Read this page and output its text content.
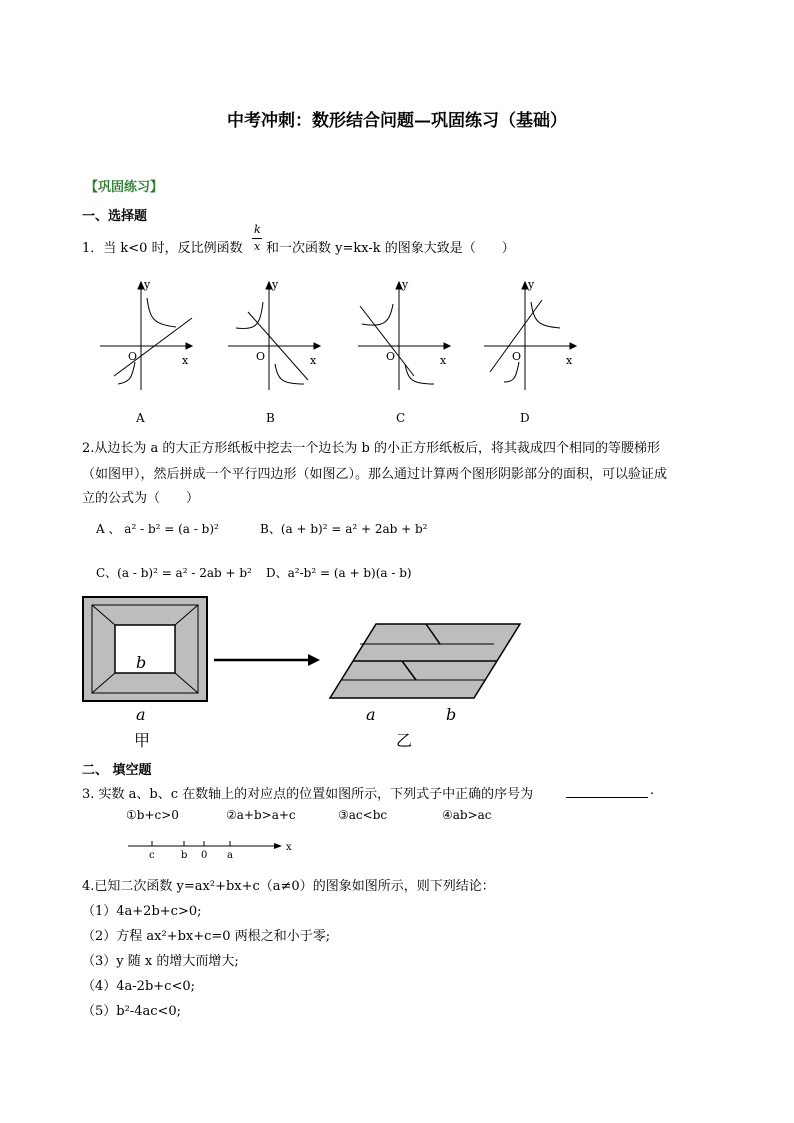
中考冲刺：数形结合问题—巩固练习（基础）
【巩固练习】
一、选择题
1．当 k<0 时，反比例函数
k
x 和一次函数 y=kx-k 的图象大致是（　　）
y
x
O
y
x
O
y
x
O
y
x
O
A	B	C	D
2.从边长为 a 的大正方形纸板中挖去一个边长为 b 的小正方形纸板后，将其裁成四个相同的等腰梯形
（如图甲），然后拼成一个平行四边形（如图乙）。那么通过计算两个图形阴影部分的面积，可以验证成
立的公式为（　　）
A 、 a² - b² = (a - b)²	B、(a + b)² = a² + 2ab + b²
C、(a - b)² = a² - 2ab + b² D、a²-b² = (a + b)(a - b)
b
a
甲
a	b
乙
二、 填空题
3. 实数 a、b、c 在数轴上的对应点的位置如图所示，下列式子中正确的序号为	.
①b+c>0	②a+b>a+c	③ac<bc	④ab>ac
c	b 0 a
x
4.已知二次函数 y=ax²+bx+c（a≠0）的图象如图所示，则下列结论：
（1）4a+2b+c>0;
（2）方程 ax²+bx+c=0 两根之和小于零;
（3）y 随 x 的增大而增大;
（4）4a-2b+c<0;
（5）b²-4ac<0;
